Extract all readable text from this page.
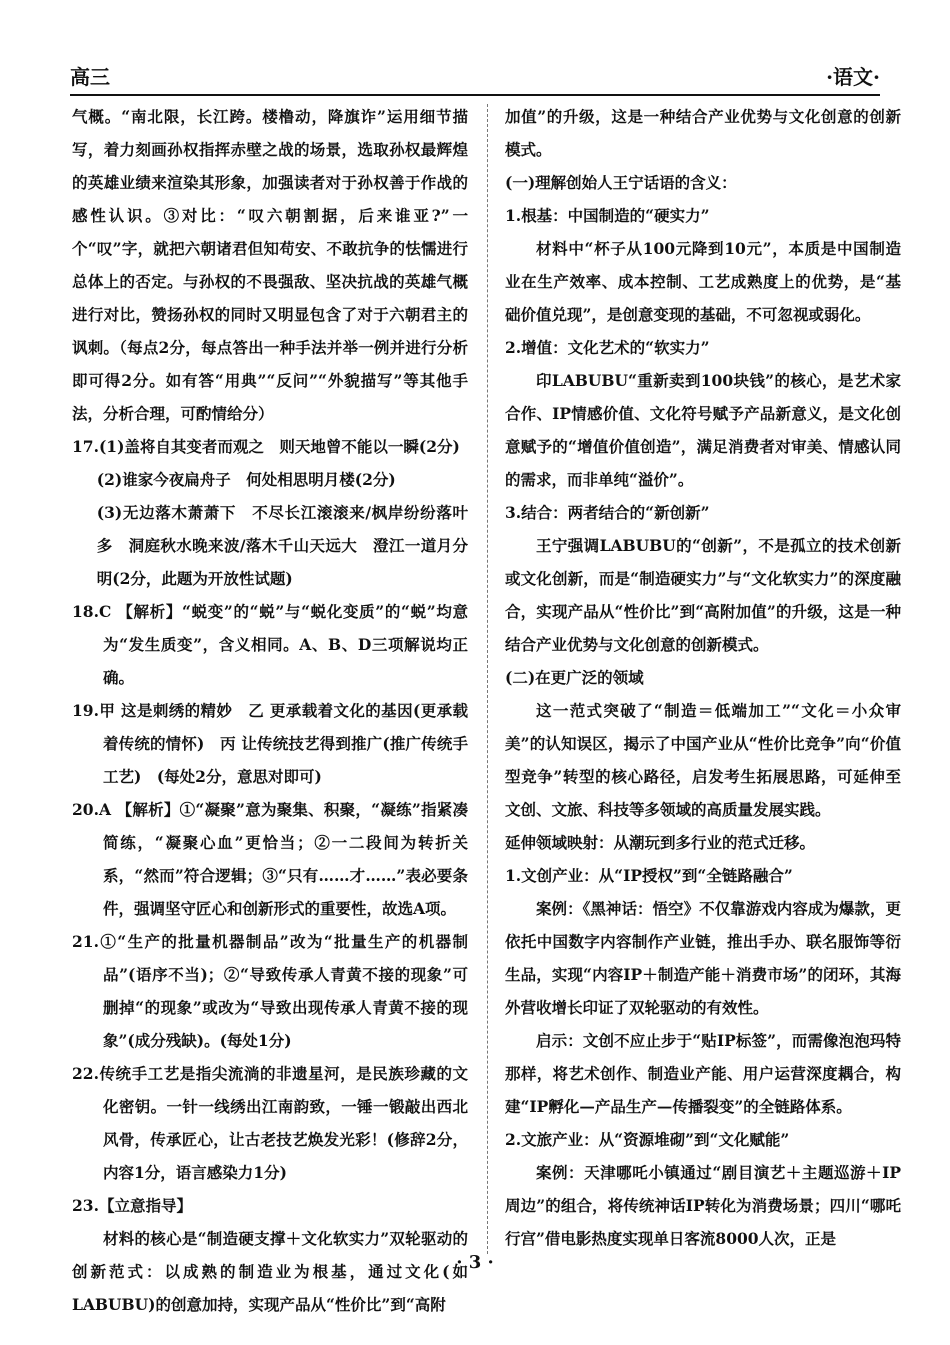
高三	·语文·

气概。“南北限，长江跨。楼橹动，降旗诈”运用细节描写，着力刻画孙权指挥赤壁之战的场景，选取孙权最辉煌的英雄业绩来渲染其形象，加强读者对于孙权善于作战的感性认识。③对比：“叹六朝割据，后来谁亚?”一个“叹”字，就把六朝诸君但知苟安、不敢抗争的怯懦进行总体上的否定。与孙权的不畏强敌、坚决抗战的英雄气概进行对比，赞扬孙权的同时又明显包含了对于六朝君主的讽刺。（每点2分，每点答出一种手法并举一例并进行分析即可得2分。如有答“用典”“反问”“外貌描写”等其他手法，分析合理，可酌情给分）

17.(1)盖将自其变者而观之　则天地曾不能以一瞬(2分)

(2)谁家今夜扁舟子　何处相思明月楼(2分)

(3)无边落木萧萧下　不尽长江滚滚来/枫岸纷纷落叶多　洞庭秋水晚来波/落木千山天远大　澄江一道月分明(2分，此题为开放性试题)

18.C 【解析】“蜕变”的“蜕”与“蜕化变质”的“蜕”均意为“发生质变”，含义相同。A、B、D三项解说均正确。

19.甲 这是刺绣的精妙　乙 更承载着文化的基因(更承载着传统的情怀)　丙 让传统技艺得到推广(推广传统手工艺)　(每处2分，意思对即可)

20.A 【解析】①“凝聚”意为聚集、积聚，“凝练”指紧凑简练，“凝聚心血”更恰当；②一二段间为转折关系，“然而”符合逻辑；③“只有……才……”表必要条件，强调坚守匠心和创新形式的重要性，故选A项。

21.①“生产的批量机器制品”改为“批量生产的机器制品”(语序不当)；②“导致传承人青黄不接的现象”可删掉“的现象”或改为“导致出现传承人青黄不接的现象”(成分残缺)。(每处1分)

22.传统手工艺是指尖流淌的非遗星河，是民族珍藏的文化密钥。一针一线绣出江南韵致，一锤一锻敲出西北风骨，传承匠心，让古老技艺焕发光彩！(修辞2分，内容1分，语言感染力1分)

23.【立意指导】

材料的核心是“制造硬支撑＋文化软实力”双轮驱动的创新范式：以成熟的制造业为根基，通过文化(如LABUBU)的创意加持，实现产品从“性价比”到“高附

加值”的升级，这是一种结合产业优势与文化创意的创新模式。

(一)理解创始人王宁话语的含义：

1.根基：中国制造的“硬实力”

材料中“杯子从100元降到10元”，本质是中国制造业在生产效率、成本控制、工艺成熟度上的优势，是“基础价值兑现”，是创意变现的基础，不可忽视或弱化。

2.增值：文化艺术的“软实力”

印LABUBU“重新卖到100块钱”的核心，是艺术家合作、IP情感价值、文化符号赋予产品新意义，是文化创意赋予的“增值价值创造”，满足消费者对审美、情感认同的需求，而非单纯“溢价”。

3.结合：两者结合的“新创新”

王宁强调LABUBU的“创新”，不是孤立的技术创新或文化创新，而是“制造硬实力”与“文化软实力”的深度融合，实现产品从“性价比”到“高附加值”的升级，这是一种结合产业优势与文化创意的创新模式。

(二)在更广泛的领域

这一范式突破了“制造＝低端加工”“文化＝小众审美”的认知误区，揭示了中国产业从“性价比竞争”向“价值型竞争”转型的核心路径，启发考生拓展思路，可延伸至文创、文旅、科技等多领域的高质量发展实践。

延伸领域映射：从潮玩到多行业的范式迁移。

1.文创产业：从“IP授权”到“全链路融合”

案例：《黑神话：悟空》不仅靠游戏内容成为爆款，更依托中国数字内容制作产业链，推出手办、联名服饰等衍生品，实现“内容IP＋制造产能＋消费市场”的闭环，其海外营收增长印证了双轮驱动的有效性。

启示：文创不应止步于“贴IP标签”，而需像泡泡玛特那样，将艺术创作、制造业产能、用户运营深度耦合，构建“IP孵化—产品生产—传播裂变”的全链路体系。

2.文旅产业：从“资源堆砌”到“文化赋能”

案例：天津哪吒小镇通过“剧目演艺＋主题巡游＋IP周边”的组合，将传统神话IP转化为消费场景；四川“哪吒行宫”借电影热度实现单日客流8000人次，正是

· 3 ·
